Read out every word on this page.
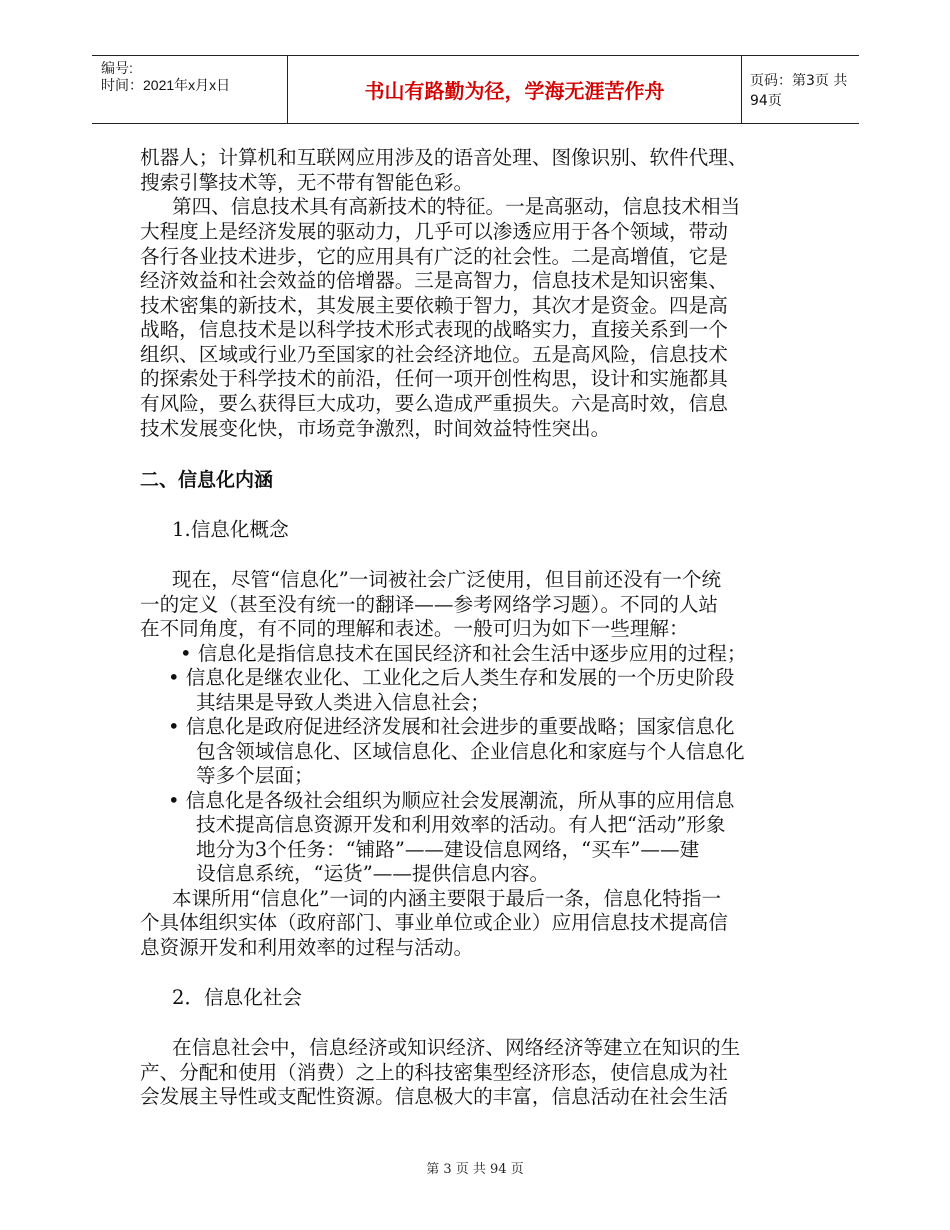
编号:
时间：2021年x月x日	书山有路勤为径，学海无涯苦作舟	页码：第3页 共94页
机器人；计算机和互联网应用涉及的语音处理、图像识别、软件代理、
搜索引擎技术等，无不带有智能色彩。
第四、信息技术具有高新技术的特征。一是高驱动，信息技术相当
大程度上是经济发展的驱动力，几乎可以渗透应用于各个领域，带动
各行各业技术进步，它的应用具有广泛的社会性。二是高增值，它是
经济效益和社会效益的倍增器。三是高智力，信息技术是知识密集、
技术密集的新技术，其发展主要依赖于智力，其次才是资金。四是高
战略，信息技术是以科学技术形式表现的战略实力，直接关系到一个
组织、区域或行业乃至国家的社会经济地位。五是高风险，信息技术
的探索处于科学技术的前沿，任何一项开创性构思，设计和实施都具
有风险，要么获得巨大成功，要么造成严重损失。六是高时效，信息
技术发展变化快，市场竞争激烈，时间效益特性突出。
二、信息化内涵
1.信息化概念
现在，尽管“信息化”一词被社会广泛使用，但目前还没有一个统
一的定义（甚至没有统一的翻译——参考网络学习题）。不同的人站
在不同角度，有不同的理解和表述。一般可归为如下一些理解：
• 信息化是指信息技术在国民经济和社会生活中逐步应用的过程；
• 信息化是继农业化、工业化之后人类生存和发展的一个历史阶段
其结果是导致人类进入信息社会；
• 信息化是政府促进经济发展和社会进步的重要战略；国家信息化
包含领域信息化、区域信息化、企业信息化和家庭与个人信息化
等多个层面；
• 信息化是各级社会组织为顺应社会发展潮流，所从事的应用信息
技术提高信息资源开发和利用效率的活动。有人把“活动”形象
地分为3个任务：“铺路”——建设信息网络，“买车”——建
设信息系统，“运货”——提供信息内容。
本课所用“信息化”一词的内涵主要限于最后一条，信息化特指一
个具体组织实体（政府部门、事业单位或企业）应用信息技术提高信
息资源开发和利用效率的过程与活动。
2．信息化社会
在信息社会中，信息经济或知识经济、网络经济等建立在知识的生
产、分配和使用（消费）之上的科技密集型经济形态，使信息成为社
会发展主导性或支配性资源。信息极大的丰富，信息活动在社会生活
第 3 页 共 94 页
